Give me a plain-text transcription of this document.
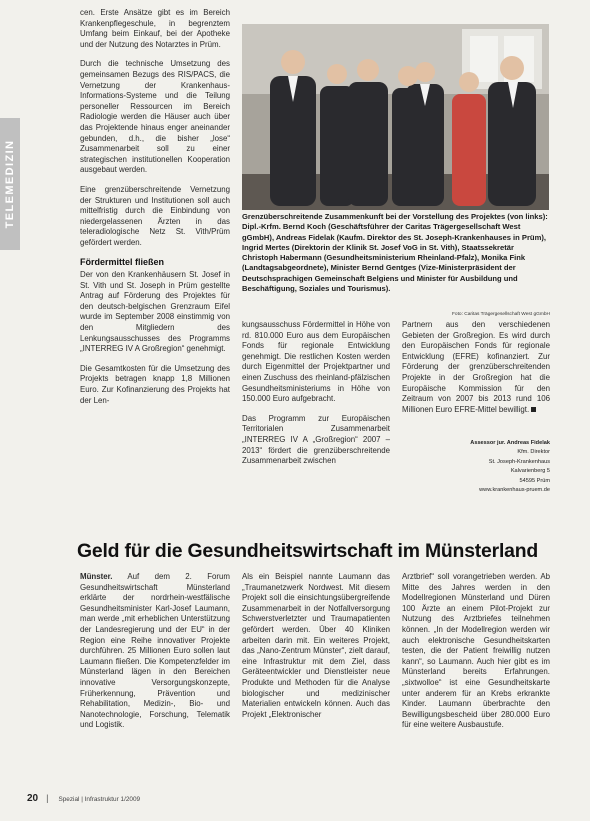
TELEMEDIZIN

cen. Erste Ansätze gibt es im Bereich Krankenpflegeschule, in begrenztem Umfang beim Einkauf, bei der Apotheke und der Nutzung des Notarztes in Prüm.

Durch die technische Umsetzung des gemeinsamen Bezugs des RIS/PACS, die Vernetzung der Krankenhaus-Informations-Systeme und die Teilung personeller Ressourcen im Bereich Radiologie werden die Häuser auch über das Projektende hinaus enger aneinander gebunden, d.h., die bisher „lose“ Zusammenarbeit soll zu einer strategischen institutionellen Kooperation ausgebaut werden.

Eine grenzüberschreitende Vernetzung der Strukturen und Institutionen soll auch mittelfristig durch die Einbindung von niedergelassenen Ärzten in das teleradiologische Netz St. Vith/Prüm gefördert werden.

Fördermittel fließen

Der von den Krankenhäusern St. Josef in St. Vith und St. Joseph in Prüm gestellte Antrag auf Förderung des Projektes für den deutsch-belgischen Grenzraum Eifel wurde im September 2008 einstimmig von den Mitgliedern des Lenkungsausschusses des Programms „INTERREG IV A Großregion“ genehmigt.

Die Gesamtkosten für die Umsetzung des Projekts betragen knapp 1,8 Millionen Euro. Zur Kofinanzierung des Projekts hat der Len-

Grenzüberschreitende Zusammenkunft bei der Vorstellung des Projektes (von links): Dipl.-Krfm. Bernd Koch (Geschäftsführer der Caritas Trägergesellschaft West gGmbH), Andreas Fidelak (Kaufm. Direktor des St. Joseph-Krankenhauses in Prüm), Ingrid Mertes (Direktorin der Klinik St. Josef VoG in St. Vith), Staatssekretär Christoph Habermann (Gesundheitsministerium Rheinland-Pfalz), Monika Fink (Landtagsabgeordnete), Minister Bernd Gentges (Vize-Ministerpräsident der Deutschsprachigen Gemeinschaft Belgiens und Minister für Ausbildung und Beschäftigung, Soziales und Tourismus).

Foto: Caritas Trägergesellschaft West gGmbH

kungsausschuss Fördermittel in Höhe von rd. 810.000 Euro aus dem Europäischen Fonds für regionale Entwicklung genehmigt. Die restlichen Kosten werden durch Eigenmittel der Projektpartner und einen Zuschuss des rheinland-pfälzischen Gesundheitsministeriums in Höhe von 150.000 Euro aufgebracht.

Das Programm zur Europäischen Territorialen Zusammenarbeit „INTERREG IV A „Großregion“ 2007 – 2013“ fördert die grenzüberschreitende Zusammenarbeit zwischen

Partnern aus den verschiedenen Gebieten der Großregion. Es wird durch den Europäischen Fonds für regionale Entwicklung (EFRE) kofinanziert. Zur Förderung der grenzüberschreitenden Projekte in der Großregion hat die Europäische Kommission für den Zeitraum von 2007 bis 2013 rund 106 Millionen Euro EFRE-Mittel bewilligt.

Assessor jur. Andreas Fidelak
Kfm. Direktor
St. Joseph-Krankenhaus
Kalvarienberg 5
54595 Prüm
www.krankenhaus-pruem.de
Geld für die Gesundheitswirtschaft im Münsterland

Münster. Auf dem 2. Forum Gesundheitswirtschaft Münsterland erklärte der nordrhein-westfälische Gesundheitsminister Karl-Josef Laumann, man werde „mit erheblichen Unterstützung der Landesregierung und der EU“ in der Region eine Reihe innovativer Projekte durchführen. 25 Millionen Euro sollen laut Laumann fließen. Die Kompetenzfelder im Münsterland lägen in den Bereichen innovative Versorgungskonzepte, Früherkennung, Prävention und Rehabilitation, Medizin-, Bio- und Nanotechnologie, Forschung, Telematik und Logistik.

Als ein Beispiel nannte Laumann das „Traumanetzwerk Nordwest. Mit diesem Projekt soll die einsichtungsübergreifende Zusammenarbeit in der Notfallversorgung Schwerstverletzter und Traumapatienten gefördert werden. Über 40 Kliniken arbeiten darin mit. Ein weiteres Projekt, das „Nano-Zentrum Münster“, zielt darauf, eine Infrastruktur mit dem Ziel, dass Geräteentwickler und Dienstleister neue Produkte und Methoden für die Analyse biologischer und medizinischer Materialien entwickeln können. Auch das Projekt „Elektronischer

Arztbrief“ soll vorangetrieben werden. Ab Mitte des Jahres werden in den Modellregionen Münsterland und Düren 100 Ärzte an einem Pilot-Projekt zur Nutzung des Arztbriefes teilnehmen können. „In der Modellregion werden wir auch elektronische Gesundheitskarten testen, die der Patient freiwillig nutzen kann“, so Laumann. Auch hier gibt es im Münsterland bereits Erfahrungen. „sixtwolloe“ ist eine Gesundheitskarte unter anderem für an Krebs erkrankte Kinder. Laumann überbrachte den Bewilligungsbescheid über 280.000 Euro für eine weitere Ausbaustufe.

20 | Spezial | Infrastruktur 1/2009
